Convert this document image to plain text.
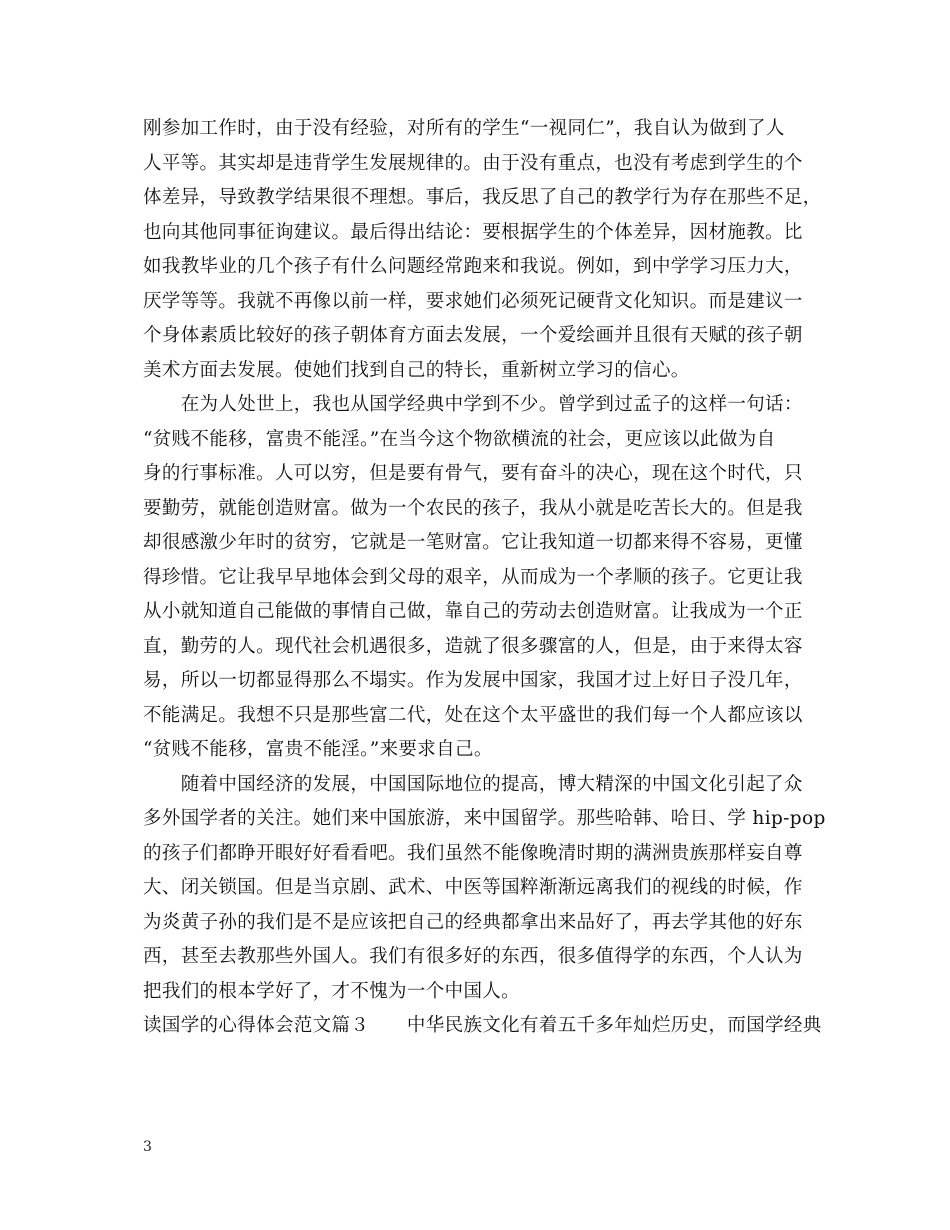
刚参加工作时，由于没有经验，对所有的学生“一视同仁”，我自认为做到了人
人平等。其实却是违背学生发展规律的。由于没有重点，也没有考虑到学生的个
体差异，导致教学结果很不理想。事后，我反思了自己的教学行为存在那些不足，
也向其他同事征询建议。最后得出结论：要根据学生的个体差异，因材施教。比
如我教毕业的几个孩子有什么问题经常跑来和我说。例如，到中学学习压力大，
厌学等等。我就不再像以前一样，要求她们必须死记硬背文化知识。而是建议一
个身体素质比较好的孩子朝体育方面去发展，一个爱绘画并且很有天赋的孩子朝
美术方面去发展。使她们找到自己的特长，重新树立学习的信心。
　　在为人处世上，我也从国学经典中学到不少。曾学到过孟子的这样一句话：
“贫贱不能移，富贵不能淫。”在当今这个物欲横流的社会，更应该以此做为自
身的行事标准。人可以穷，但是要有骨气，要有奋斗的决心，现在这个时代，只
要勤劳，就能创造财富。做为一个农民的孩子，我从小就是吃苦长大的。但是我
却很感激少年时的贫穷，它就是一笔财富。它让我知道一切都来得不容易，更懂
得珍惜。它让我早早地体会到父母的艰辛，从而成为一个孝顺的孩子。它更让我
从小就知道自己能做的事情自己做，靠自己的劳动去创造财富。让我成为一个正
直，勤劳的人。现代社会机遇很多，造就了很多骤富的人，但是，由于来得太容
易，所以一切都显得那么不塌实。作为发展中国家，我国才过上好日子没几年，
不能满足。我想不只是那些富二代，处在这个太平盛世的我们每一个人都应该以
“贫贱不能移，富贵不能淫。”来要求自己。
　　随着中国经济的发展，中国国际地位的提高，博大精深的中国文化引起了众
多外国学者的关注。她们来中国旅游，来中国留学。那些哈韩、哈日、学 hip-pop
的孩子们都睁开眼好好看看吧。我们虽然不能像晚清时期的满洲贵族那样妄自尊
大、闭关锁国。但是当京剧、武术、中医等国粹渐渐远离我们的视线的时候，作
为炎黄子孙的我们是不是应该把自己的经典都拿出来品好了，再去学其他的好东
西，甚至去教那些外国人。我们有很多好的东西，很多值得学的东西，个人认为
把我们的根本学好了，才不愧为一个中国人。
读国学的心得体会范文篇３　　中华民族文化有着五千多年灿烂历史，而国学经典
3
